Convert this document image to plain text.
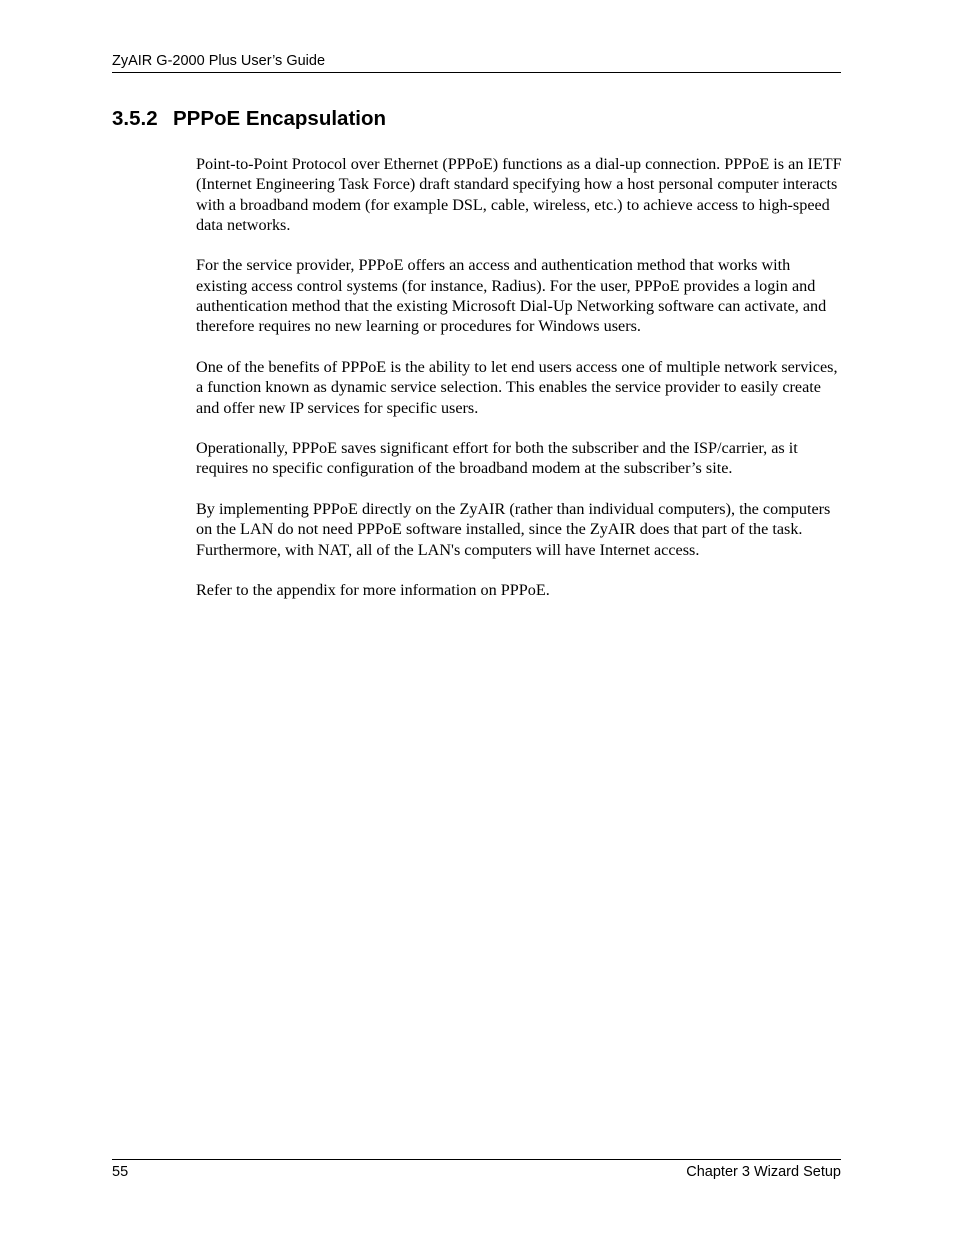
ZyAIR G-2000 Plus User’s Guide
3.5.2 PPPoE Encapsulation

Point-to-Point Protocol over Ethernet (PPPoE) functions as a dial-up connection. PPPoE is an IETF (Internet Engineering Task Force) draft standard specifying how a host personal computer interacts with a broadband modem (for example DSL, cable, wireless, etc.) to achieve access to high-speed data networks.

For the service provider, PPPoE offers an access and authentication method that works with existing access control systems (for instance, Radius). For the user, PPPoE provides a login and authentication method that the existing Microsoft Dial-Up Networking software can activate, and therefore requires no new learning or procedures for Windows users.

One of the benefits of PPPoE is the ability to let end users access one of multiple network services, a function known as dynamic service selection. This enables the service provider to easily create and offer new IP services for specific users.

Operationally, PPPoE saves significant effort for both the subscriber and the ISP/carrier, as it requires no specific configuration of the broadband modem at the subscriber’s site.

By implementing PPPoE directly on the ZyAIR (rather than individual computers), the computers on the LAN do not need PPPoE software installed, since the ZyAIR does that part of the task. Furthermore, with NAT, all of the LAN's computers will have Internet access.

Refer to the appendix for more information on PPPoE.

55	Chapter 3 Wizard Setup
